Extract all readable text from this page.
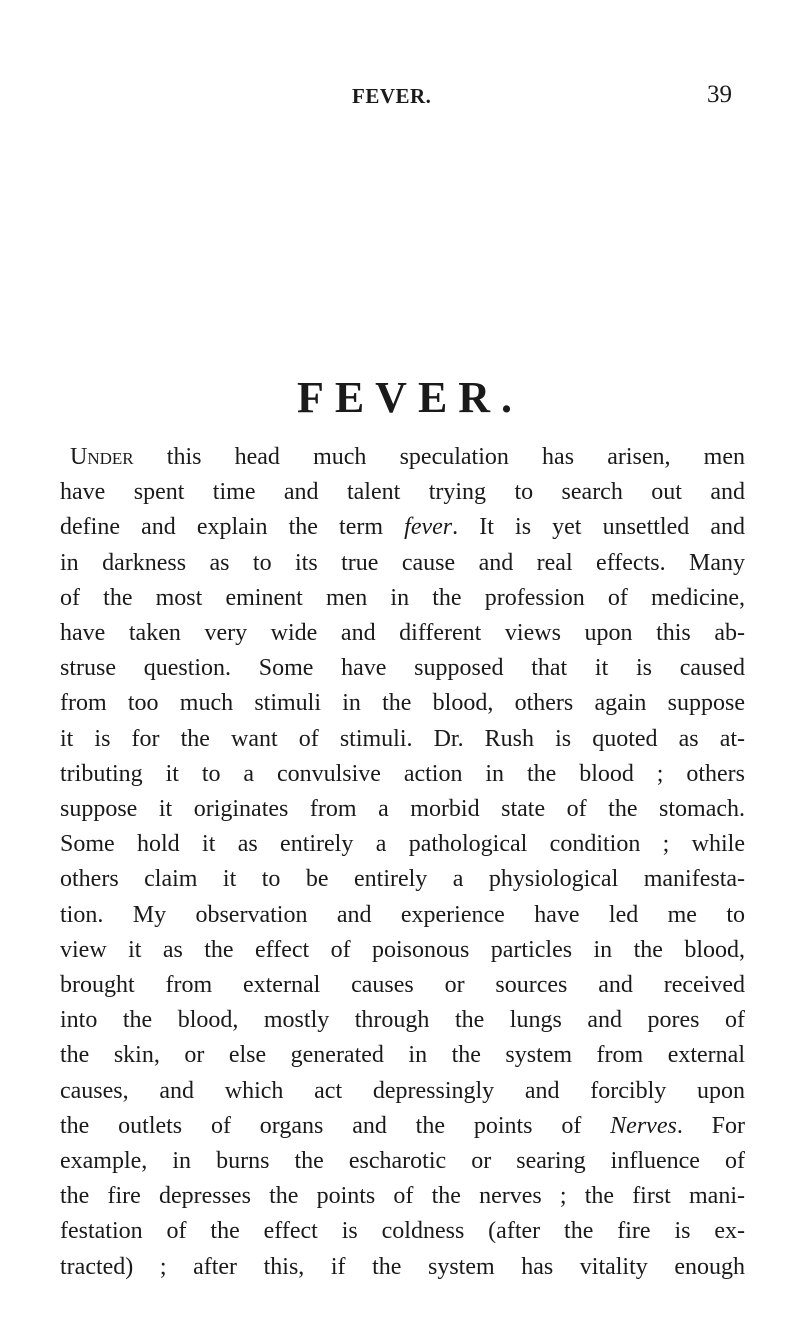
FEVER.	39
FEVER.
Under this head much speculation has arisen, men
have spent time and talent trying to search out and
define and explain the term fever. It is yet unsettled and
in darkness as to its true cause and real effects. Many
of the most eminent men in the profession of medicine,
have taken very wide and different views upon this ab-
struse question. Some have supposed that it is caused
from too much stimuli in the blood, others again suppose
it is for the want of stimuli. Dr. Rush is quoted as at-
tributing it to a convulsive action in the blood ; others
suppose it originates from a morbid state of the stomach.
Some hold it as entirely a pathological condition ; while
others claim it to be entirely a physiological manifesta-
tion. My observation and experience have led me to
view it as the effect of poisonous particles in the blood,
brought from external causes or sources and received
into the blood, mostly through the lungs and pores of
the skin, or else generated in the system from external
causes, and which act depressingly and forcibly upon
the outlets of organs and the points of Nerves. For
example, in burns the escharotic or searing influence of
the fire depresses the points of the nerves ; the first mani-
festation of the effect is coldness (after the fire is ex-
tracted) ; after this, if the system has vitality enough
